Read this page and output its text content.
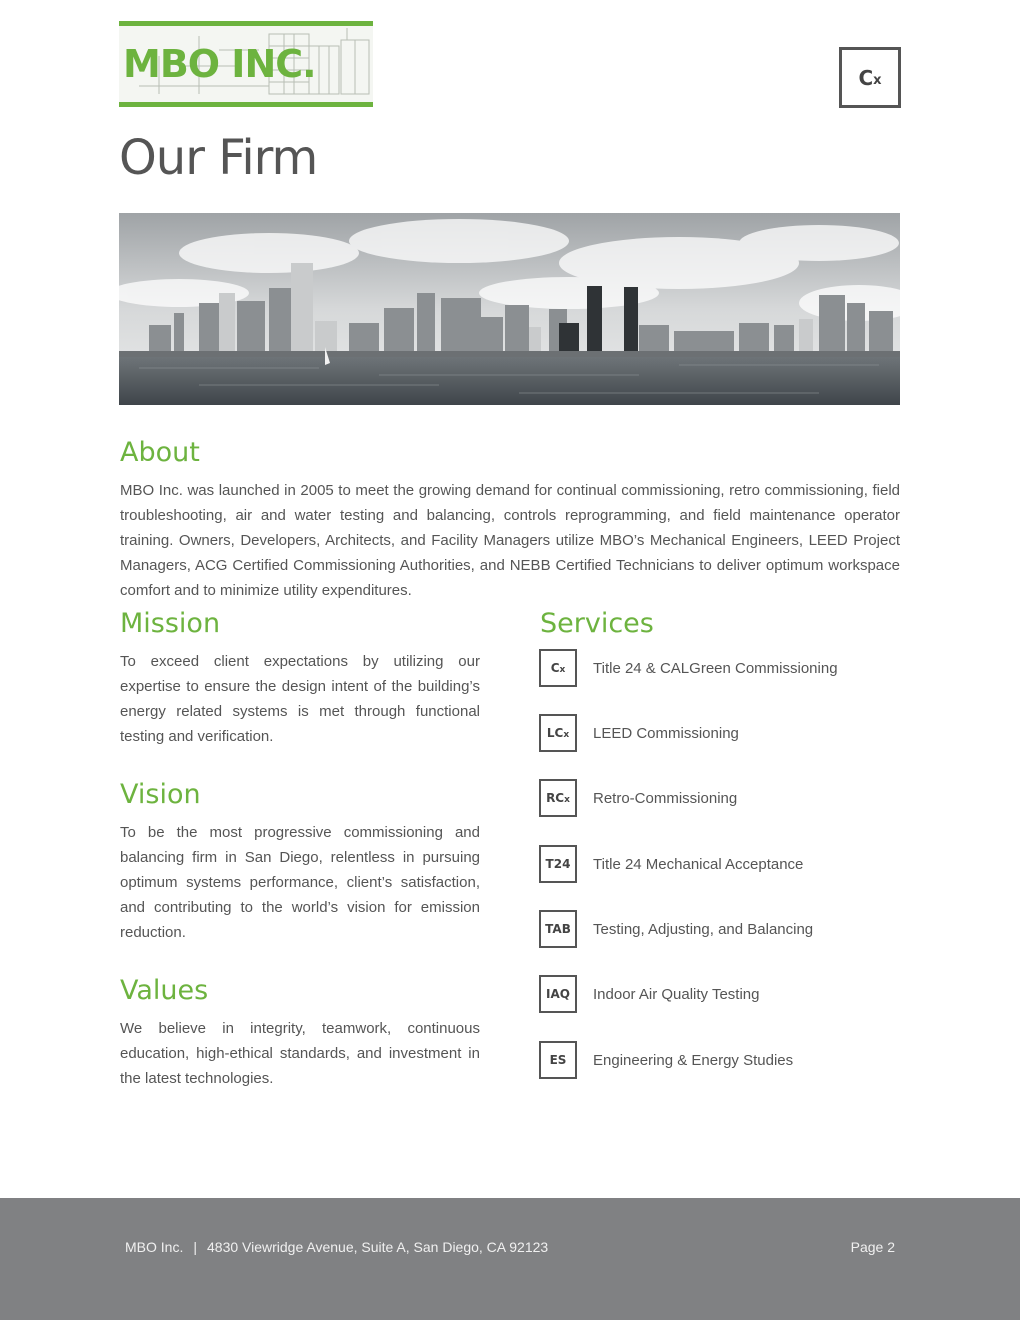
MBO INC.	C x
Our Firm
About

MBO Inc. was launched in 2005 to meet the growing demand for continual commissioning, retro commissioning, field troubleshooting, air and water testing and balancing, controls reprogramming, and field maintenance operator training. Owners, Developers, Architects, and Facility Managers utilize MBO’s Mechanical Engineers, LEED Project Managers, ACG Certified Commissioning Authorities, and NEBB Certified Technicians to deliver optimum workspace comfort and to minimize utility expenditures.

Mission

To exceed client expectations by utilizing our expertise to ensure the design intent of the building’s energy related systems is met through functional testing and verification.

Vision

To be the most progressive commissioning and balancing firm in San Diego, relentless in pursuing optimum systems performance, client’s satisfaction, and contributing to the world’s vision for emission reduction.

Values

We believe in integrity, teamwork, continuous education, high-ethical standards, and investment in the latest technologies.

Services
C x Title 24 & CALGreen Commissioning
LC x LEED Commissioning
RC x Retro-Commissioning
T24 Title 24 Mechanical Acceptance
TAB Testing, Adjusting, and Balancing
IAQ Indoor Air Quality Testing
ES Engineering & Energy Studies
MBO Inc. | 4830 Viewridge Avenue, Suite A, San Diego, CA 92123	Page 2
